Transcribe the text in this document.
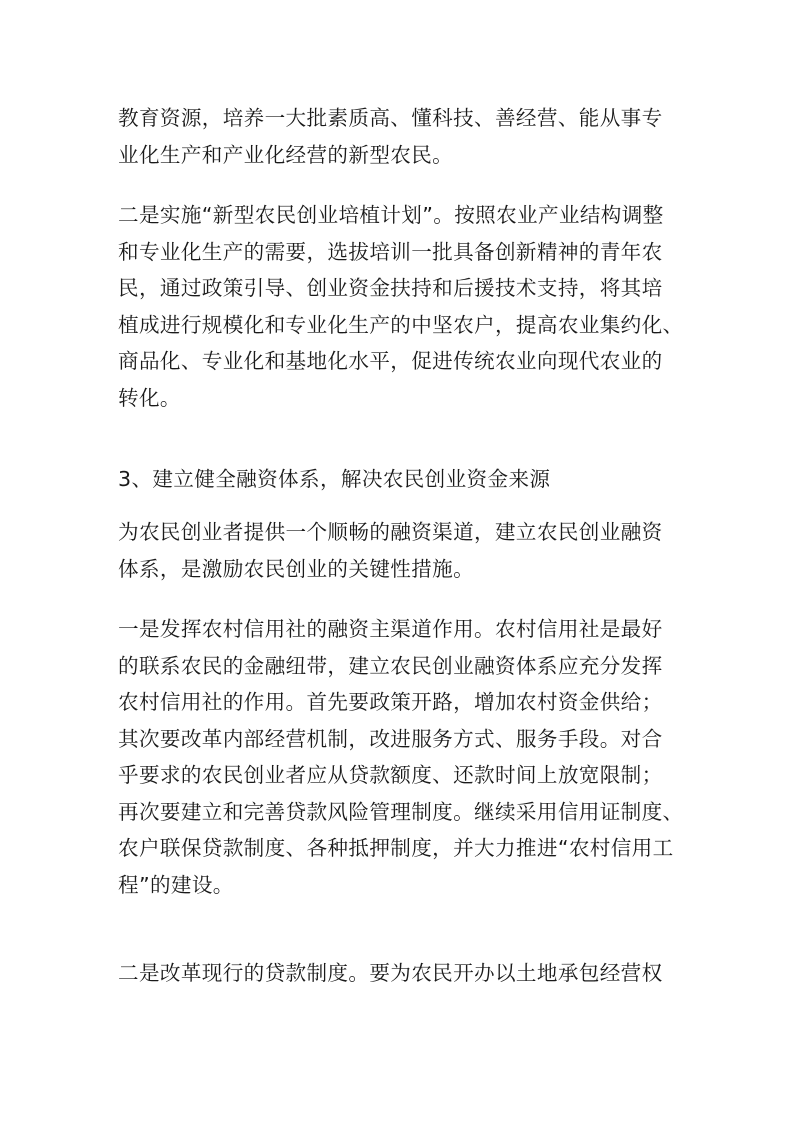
教育资源，培养一大批素质高、懂科技、善经营、能从事专
业化生产和产业化经营的新型农民。

二是实施“新型农民创业培植计划”。按照农业产业结构调整
和专业化生产的需要，选拔培训一批具备创新精神的青年农
民，通过政策引导、创业资金扶持和后援技术支持，将其培
植成进行规模化和专业化生产的中坚农户，提高农业集约化、
商品化、专业化和基地化水平，促进传统农业向现代农业的
转化。

3、建立健全融资体系，解决农民创业资金来源

为农民创业者提供一个顺畅的融资渠道，建立农民创业融资
体系，是激励农民创业的关键性措施。

一是发挥农村信用社的融资主渠道作用。农村信用社是最好
的联系农民的金融纽带，建立农民创业融资体系应充分发挥
农村信用社的作用。首先要政策开路，增加农村资金供给；
其次要改革内部经营机制，改进服务方式、服务手段。对合
乎要求的农民创业者应从贷款额度、还款时间上放宽限制；
再次要建立和完善贷款风险管理制度。继续采用信用证制度、
农户联保贷款制度、各种抵押制度，并大力推进“农村信用工
程”的建设。

二是改革现行的贷款制度。要为农民开办以土地承包经营权
